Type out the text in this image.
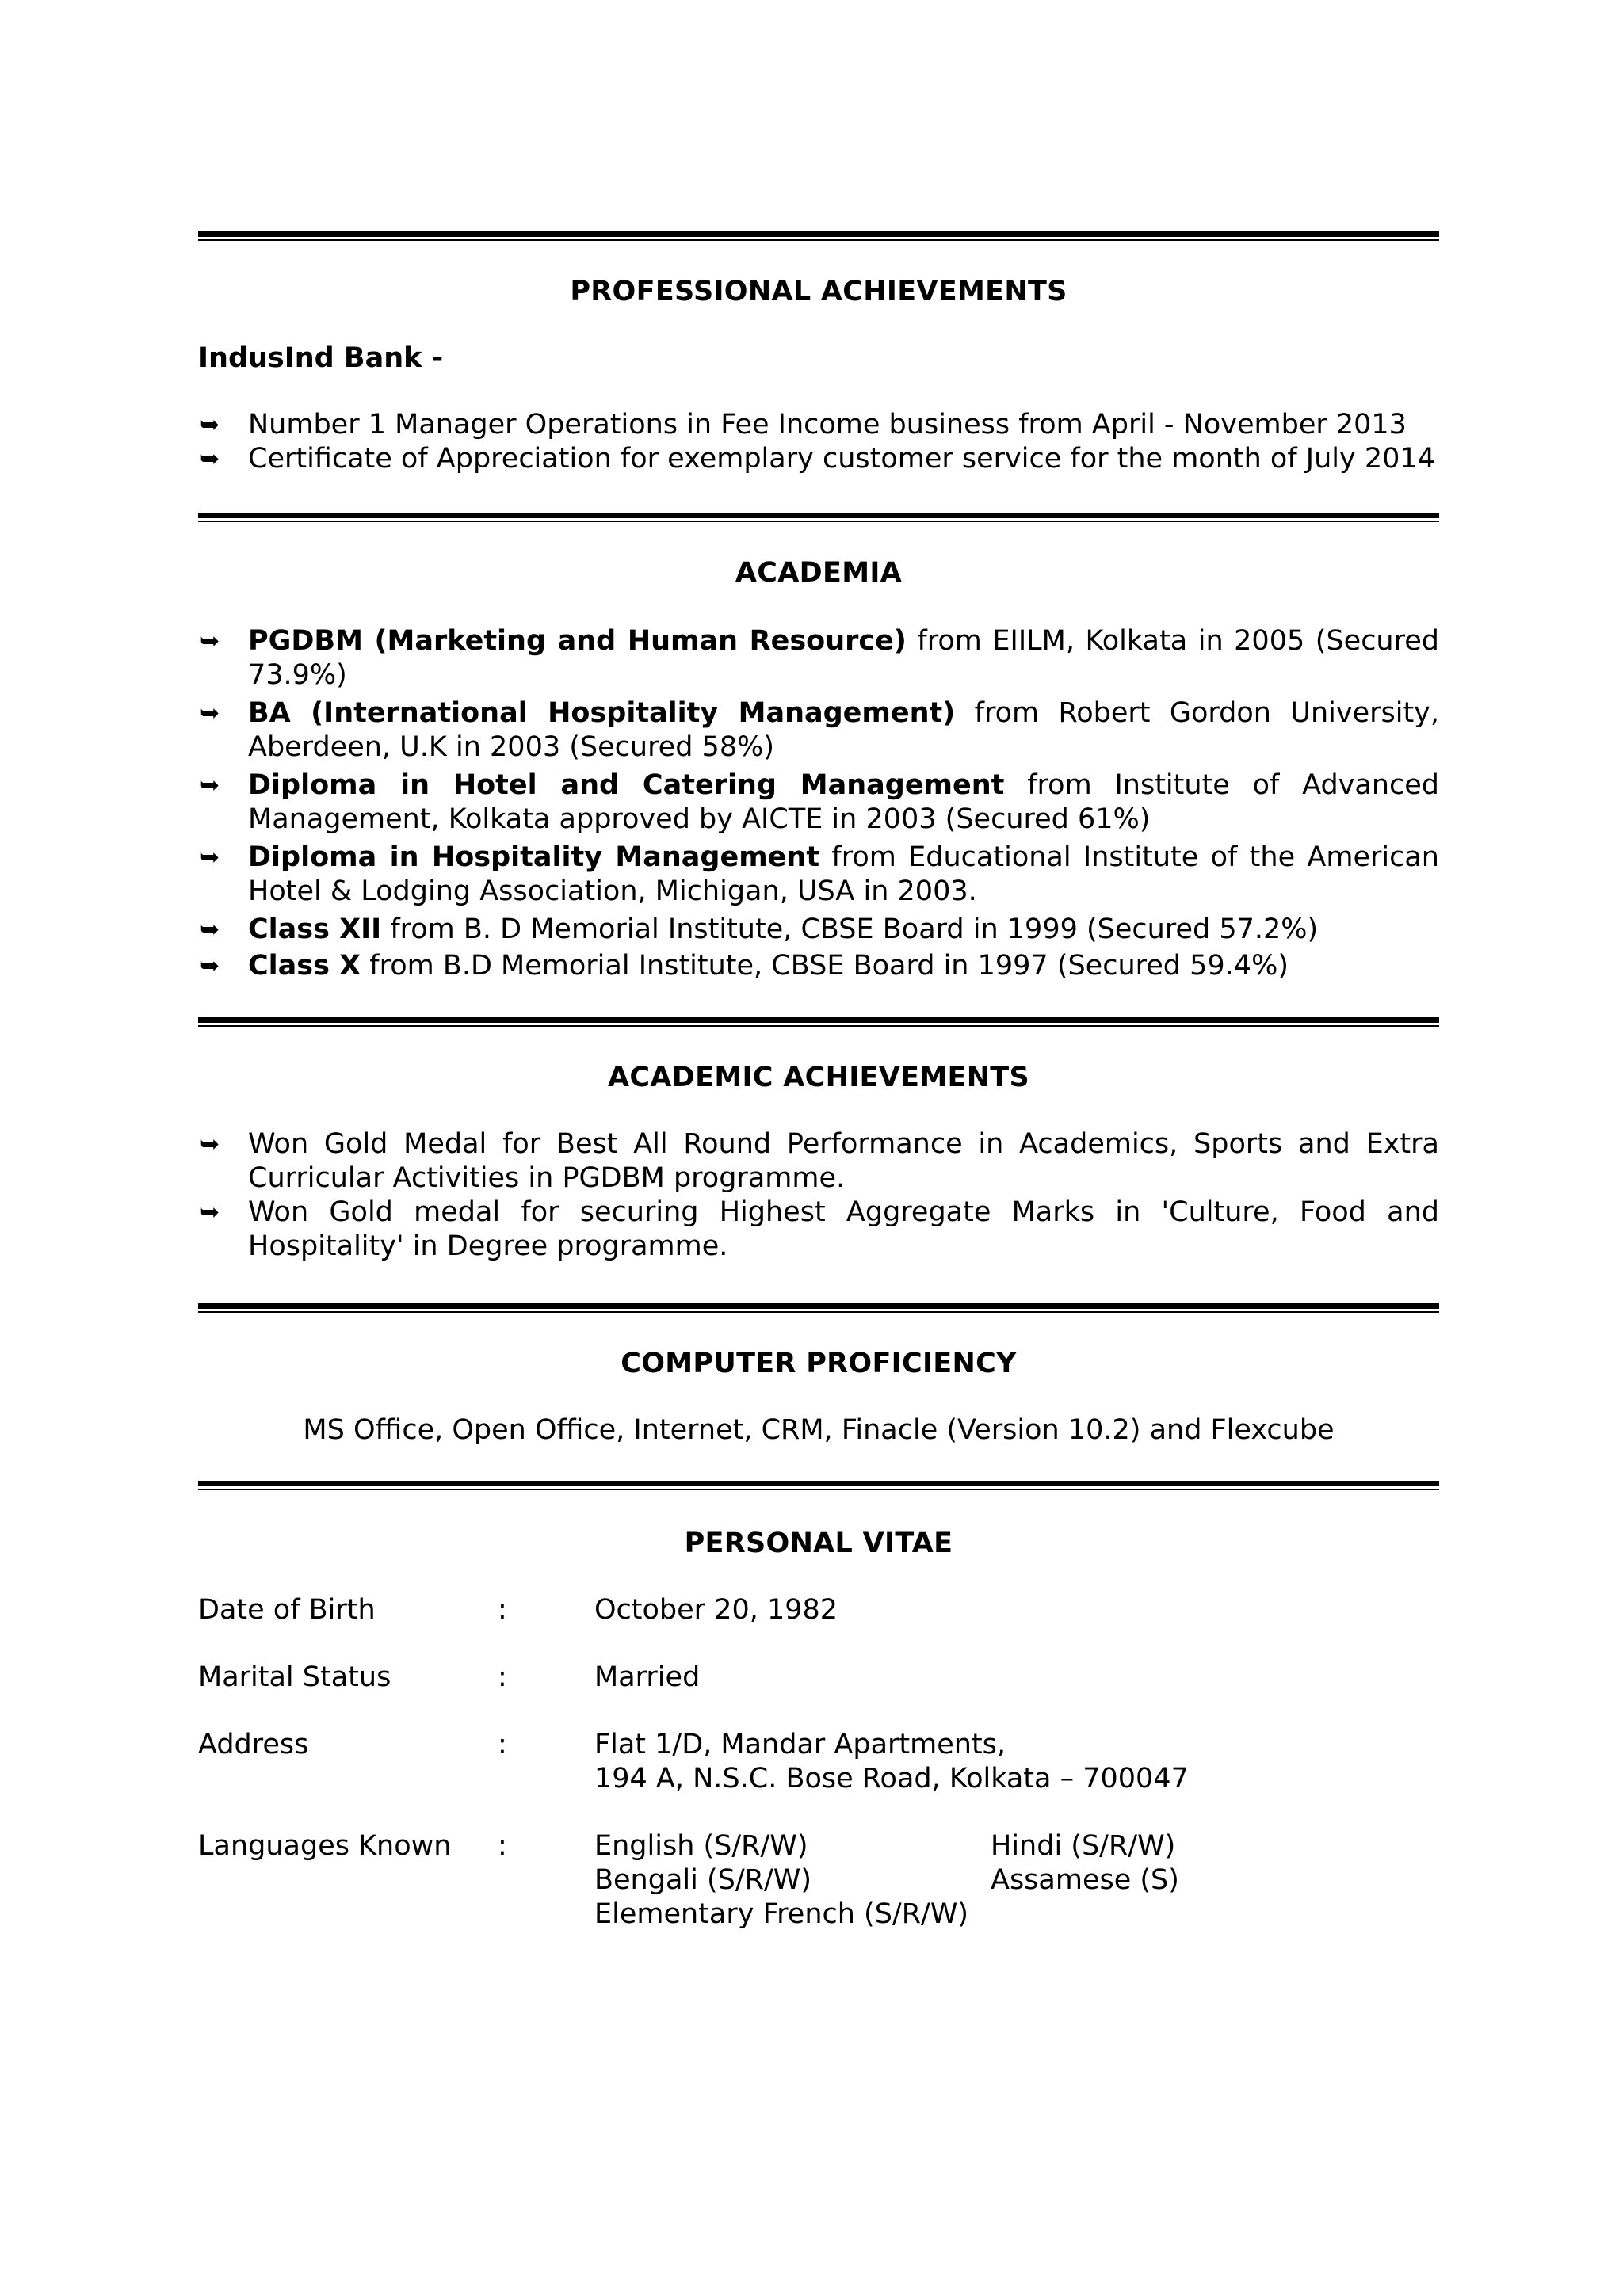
PROFESSIONAL ACHIEVEMENTS
IndusInd Bank -
➥ Number 1 Manager Operations in Fee Income business from April - November 2013
➥ Certificate of Appreciation for exemplary customer service for the month of July 2014
ACADEMIA
➥ PGDBM (Marketing and Human Resource) from EIILM, Kolkata in 2005 (Secured 73.9%)
➥ BA (International Hospitality Management) from Robert Gordon University, Aberdeen, U.K in 2003 (Secured 58%)
➥ Diploma in Hotel and Catering Management from Institute of Advanced Management, Kolkata approved by AICTE in 2003 (Secured 61%)
➥ Diploma in Hospitality Management from Educational Institute of the American Hotel & Lodging Association, Michigan, USA in 2003.
➥ Class XII from B. D Memorial Institute, CBSE Board in 1999 (Secured 57.2%)
➥ Class X from B.D Memorial Institute, CBSE Board in 1997 (Secured 59.4%)
ACADEMIC ACHIEVEMENTS
➥ Won Gold Medal for Best All Round Performance in Academics, Sports and Extra Curricular Activities in PGDBM programme.
➥ Won Gold medal for securing Highest Aggregate Marks in 'Culture, Food and Hospitality' in Degree programme.
COMPUTER PROFICIENCY
MS Office, Open Office, Internet, CRM, Finacle (Version 10.2) and Flexcube
PERSONAL VITAE
Date of Birth	:	October 20, 1982
Marital Status	:	Married
Address	:	Flat 1/D, Mandar Apartments,
194 A, N.S.C. Bose Road, Kolkata – 700047
Languages Known :	English (S/R/W)	Hindi (S/R/W)
Bengali (S/R/W)	Assamese (S)
Elementary French (S/R/W)
